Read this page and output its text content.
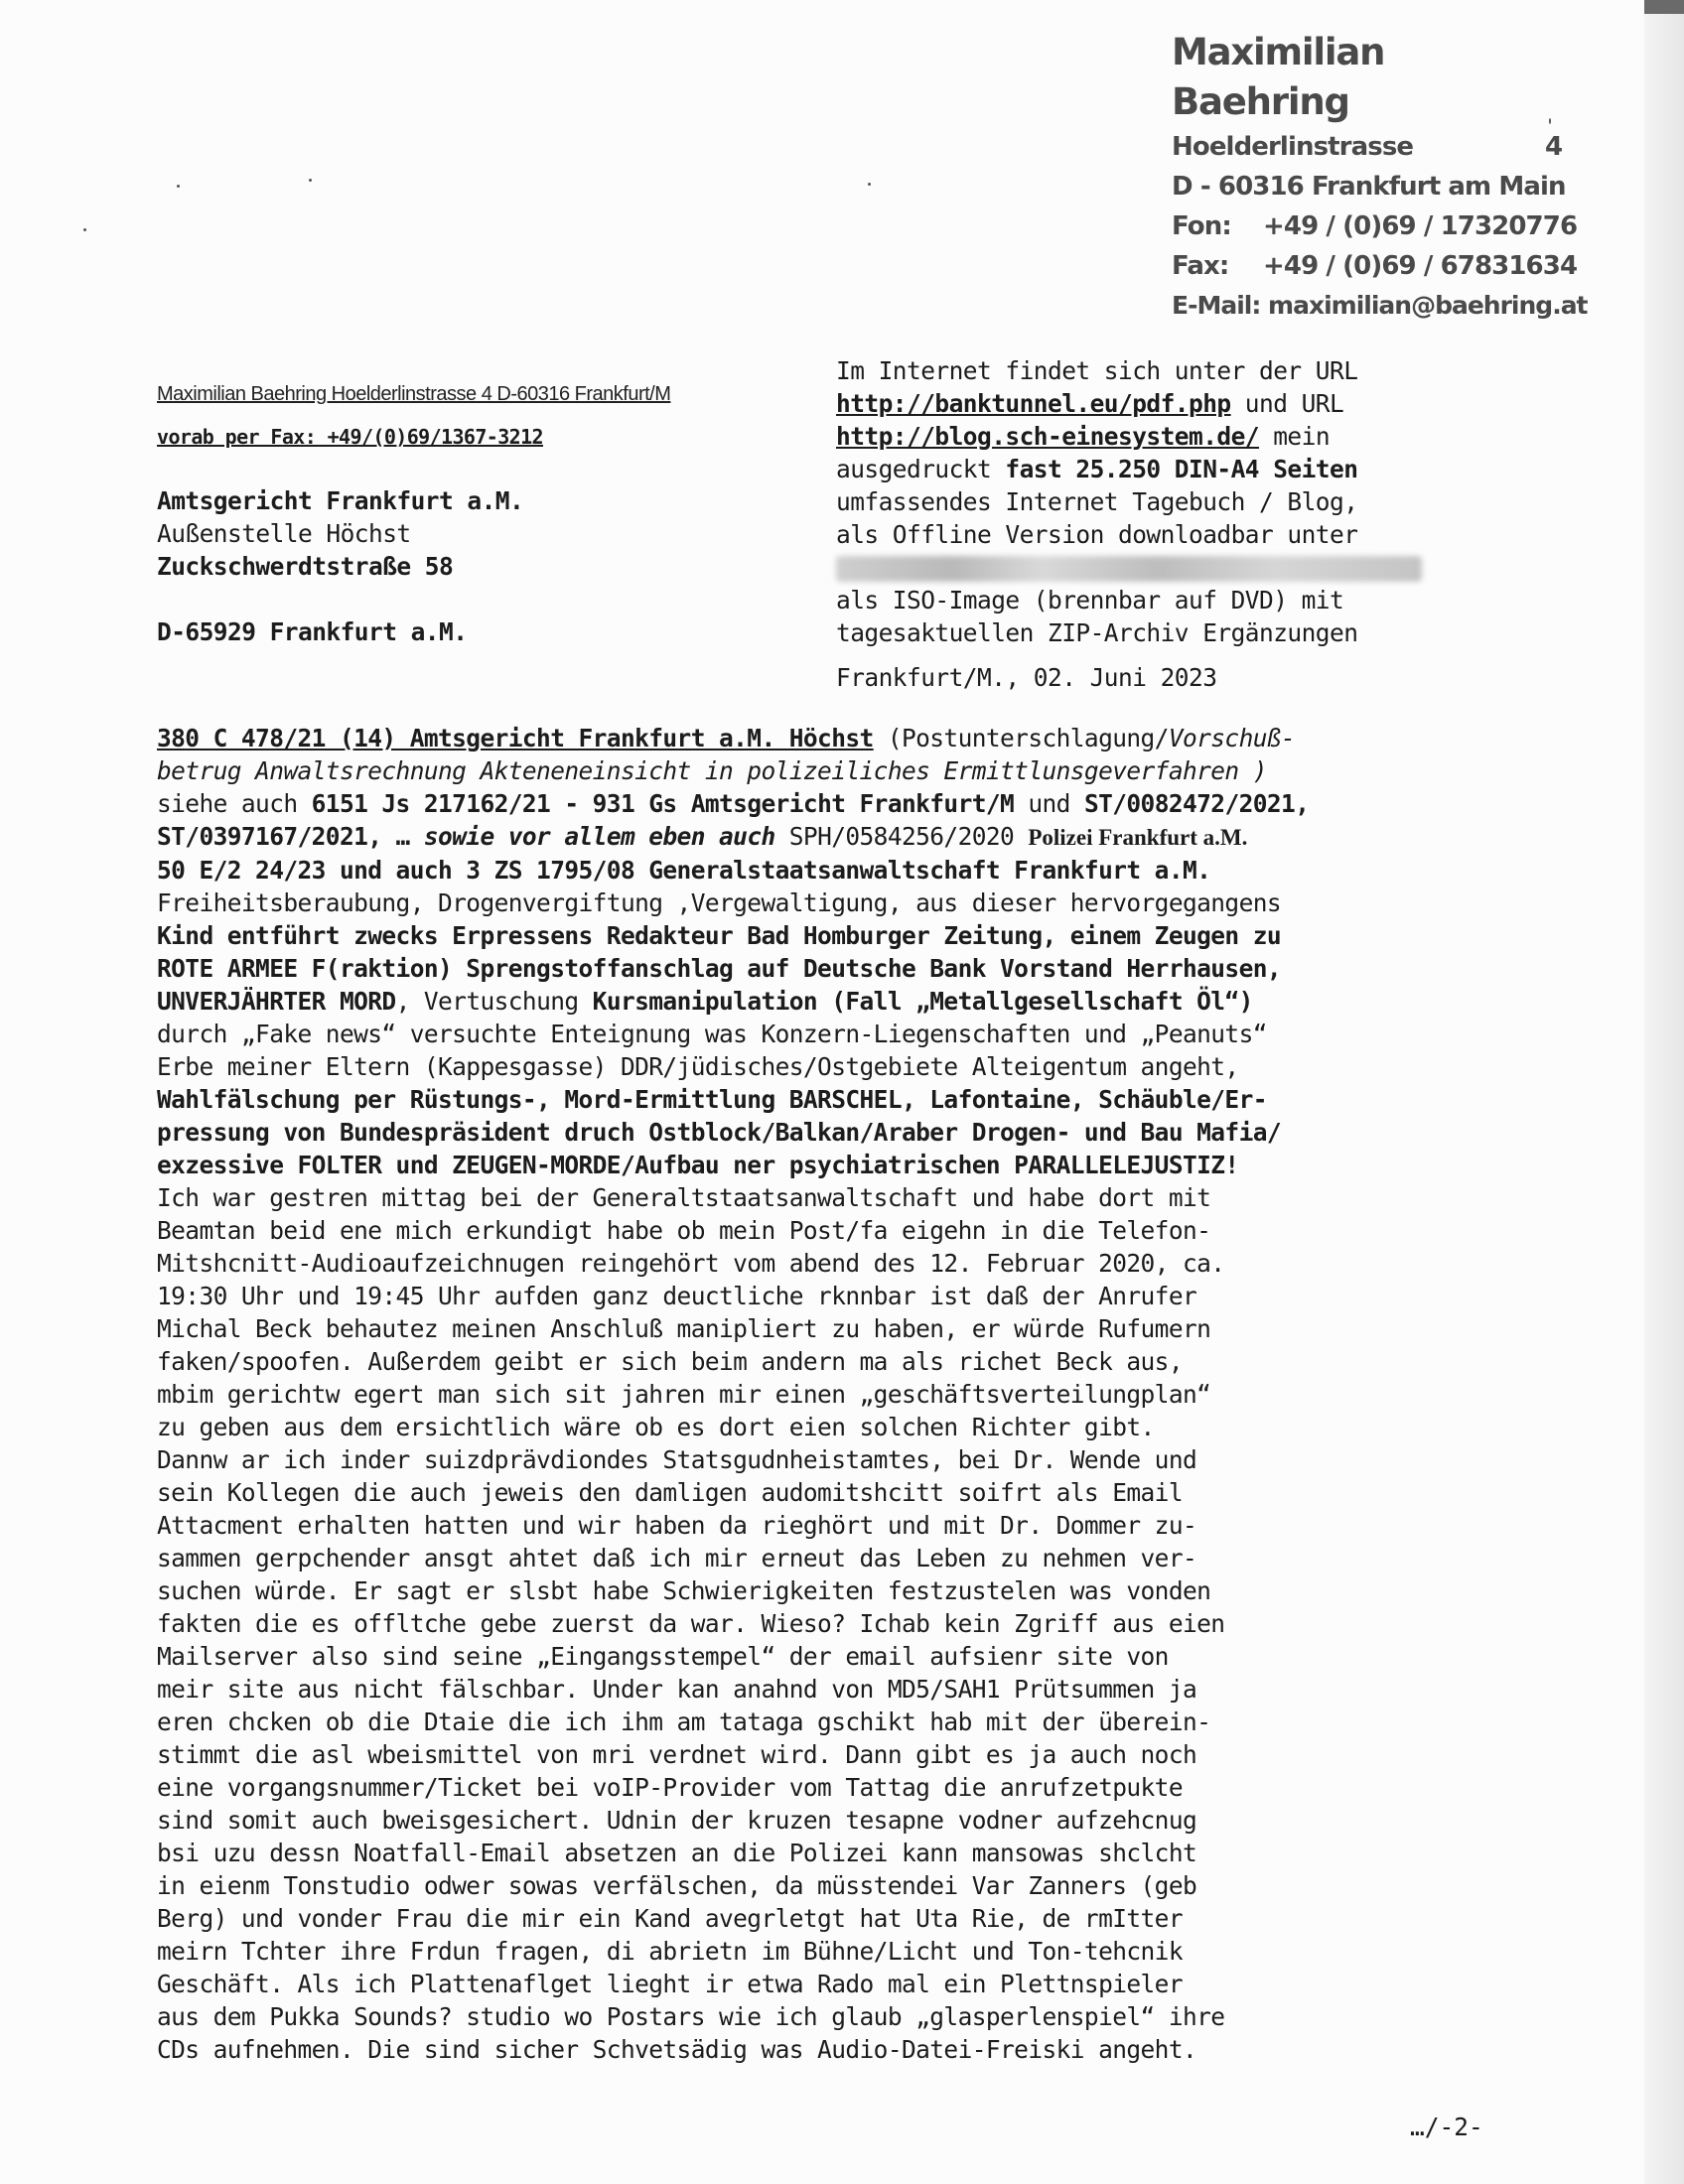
Maximilian Baehring
Hoelderlinstrasse	4
D - 60316 Frankfurt am Main
Fon: +49 / (0)69 / 17320776
Fax: +49 / (0)69 / 67831634
E-Mail: maximilian@baehring.at
Maximilian Baehring Hoelderlinstrasse 4 D-60316 Frankfurt/M
vorab per Fax: +49/(0)69/1367-3212
Amtsgericht Frankfurt a.M.
Außenstelle Höchst
Zuckschwerdtstraße 58
D-65929 Frankfurt a.M.
Im Internet findet sich unter der URL
http://banktunnel.eu/pdf.php und URL
http://blog.sch-einesystem.de/ mein
ausgedruckt fast 25.250 DIN-A4 Seiten
umfassendes Internet Tagebuch / Blog,
als Offline Version downloadbar unter
als ISO-Image (brennbar auf DVD) mit
tagesaktuellen ZIP-Archiv Ergänzungen
Frankfurt/M., 02. Juni 2023
380 C 478/21 (14) Amtsgericht Frankfurt a.M. Höchst (Postunterschlagung/Vorschuß-
betrug Anwaltsrechnung Akteneneinsicht in polizeiliches Ermittlunsgeverfahren )
siehe auch 6151 Js 217162/21 - 931 Gs Amtsgericht Frankfurt/M und ST/0082472/2021,
ST/0397167/2021, … sowie vor allem eben auch SPH/0584256/2020 Polizei Frankfurt a.M.
50 E/2 24/23 und auch 3 ZS 1795/08 Generalstaatsanwaltschaft Frankfurt a.M.
Freiheitsberaubung, Drogenvergiftung ,Vergewaltigung, aus dieser hervorgegangens
Kind entführt zwecks Erpressens Redakteur Bad Homburger Zeitung, einem Zeugen zu
ROTE ARMEE F(raktion) Sprengstoffanschlag auf Deutsche Bank Vorstand Herrhausen,
UNVERJÄHRTER MORD, Vertuschung Kursmanipulation (Fall „Metallgesellschaft Öl“)
durch „Fake news“ versuchte Enteignung was Konzern-Liegenschaften und „Peanuts“
Erbe meiner Eltern (Kappesgasse) DDR/jüdisches/Ostgebiete Alteigentum angeht,
Wahlfälschung per Rüstungs-, Mord-Ermittlung BARSCHEL, Lafontaine, Schäuble/Er-
pressung von Bundespräsident druch Ostblock/Balkan/Araber Drogen- und Bau Mafia/
exzessive FOLTER und ZEUGEN-MORDE/Aufbau ner psychiatrischen PARALLELEJUSTIZ!
Ich war gestren mittag bei der Generaltstaatsanwaltschaft und habe dort mit
Beamtan beid ene mich erkundigt habe ob mein Post/fa eigehn in die Telefon-
Mitshcnitt-Audioaufzeichnugen reingehört vom abend des 12. Februar 2020, ca.
19:30 Uhr und 19:45 Uhr aufden ganz deuctliche rknnbar ist daß der Anrufer
Michal Beck behautez meinen Anschluß manipliert zu haben, er würde Rufumern
faken/spoofen. Außerdem geibt er sich beim andern ma als richet Beck aus,
mbim gerichtw egert man sich sit jahren mir einen „geschäftsverteilungplan“
zu geben aus dem ersichtlich wäre ob es dort eien solchen Richter gibt.
Dannw ar ich inder suizdprävdiondes Statsgudnheistamtes, bei Dr. Wende und
sein Kollegen die auch jeweis den damligen audomitshcitt soifrt als Email
Attacment erhalten hatten und wir haben da rieghört und mit Dr. Dommer zu-
sammen gerpchender ansgt ahtet daß ich mir erneut das Leben zu nehmen ver-
suchen würde. Er sagt er slsbt habe Schwierigkeiten festzustelen was vonden
fakten die es offltche gebe zuerst da war. Wieso? Ichab kein Zgriff aus eien
Mailserver also sind seine „Eingangsstempel“ der email aufsienr site von
meir site aus nicht fälschbar. Under kan anahnd von MD5/SAH1 Prütsummen ja
eren chcken ob die Dtaie die ich ihm am tataga gschikt hab mit der überein-
stimmt die asl wbeismittel von mri verdnet wird. Dann gibt es ja auch noch
eine vorgangsnummer/Ticket bei voIP-Provider vom Tattag die anrufzetpukte
sind somit auch bweisgesichert. Udnin der kruzen tesapne vodner aufzehcnug
bsi uzu dessn Noatfall-Email absetzen an die Polizei kann mansowas shclcht
in eienm Tonstudio odwer sowas verfälschen, da müsstendei Var Zanners (geb
Berg) und vonder Frau die mir ein Kand avegrletgt hat Uta Rie, de rmItter
meirn Tchter ihre Frdun fragen, di abrietn im Bühne/Licht und Ton-tehcnik
Geschäft. Als ich Plattenaflget lieght ir etwa Rado mal ein Plettnspieler
aus dem Pukka Sounds? studio wo Postars wie ich glaub „glasperlenspiel“ ihre
CDs aufnehmen. Die sind sicher Schvetsädig was Audio-Datei-Freiski angeht.
…/-2-
